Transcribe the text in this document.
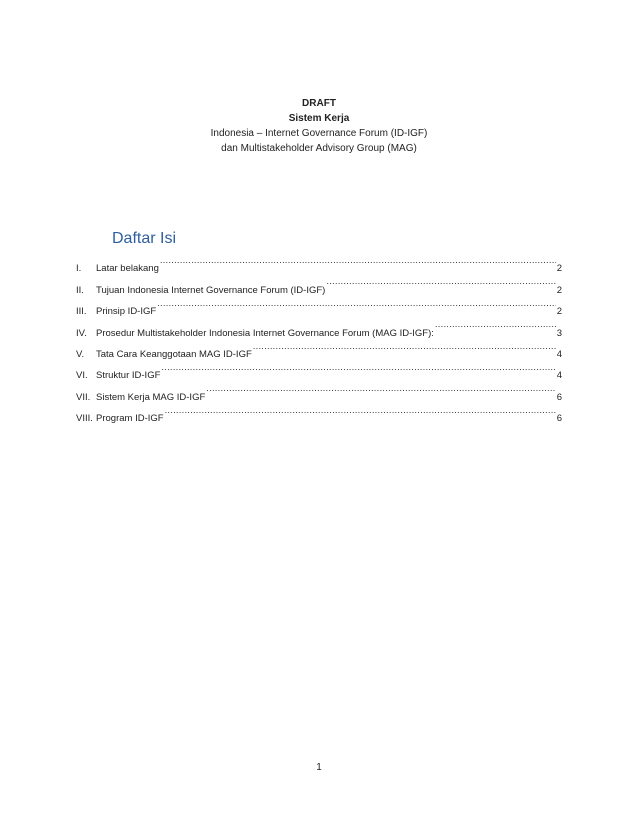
DRAFT
Sistem Kerja
Indonesia – Internet Governance Forum (ID-IGF)
dan Multistakeholder Advisory Group (MAG)
Daftar Isi
I.	Latar belakang .....	2
II.	Tujuan Indonesia Internet Governance Forum (ID-IGF) .....	2
III. Prinsip ID-IGF .....	2
IV. Prosedur Multistakeholder Indonesia Internet Governance Forum (MAG ID-IGF): .....	3
V.	Tata Cara Keanggotaan MAG ID-IGF .....	4
VI. Struktur ID-IGF .....	4
VII. Sistem Kerja MAG ID-IGF .....	6
VIII. Program ID-IGF .....	6
1
